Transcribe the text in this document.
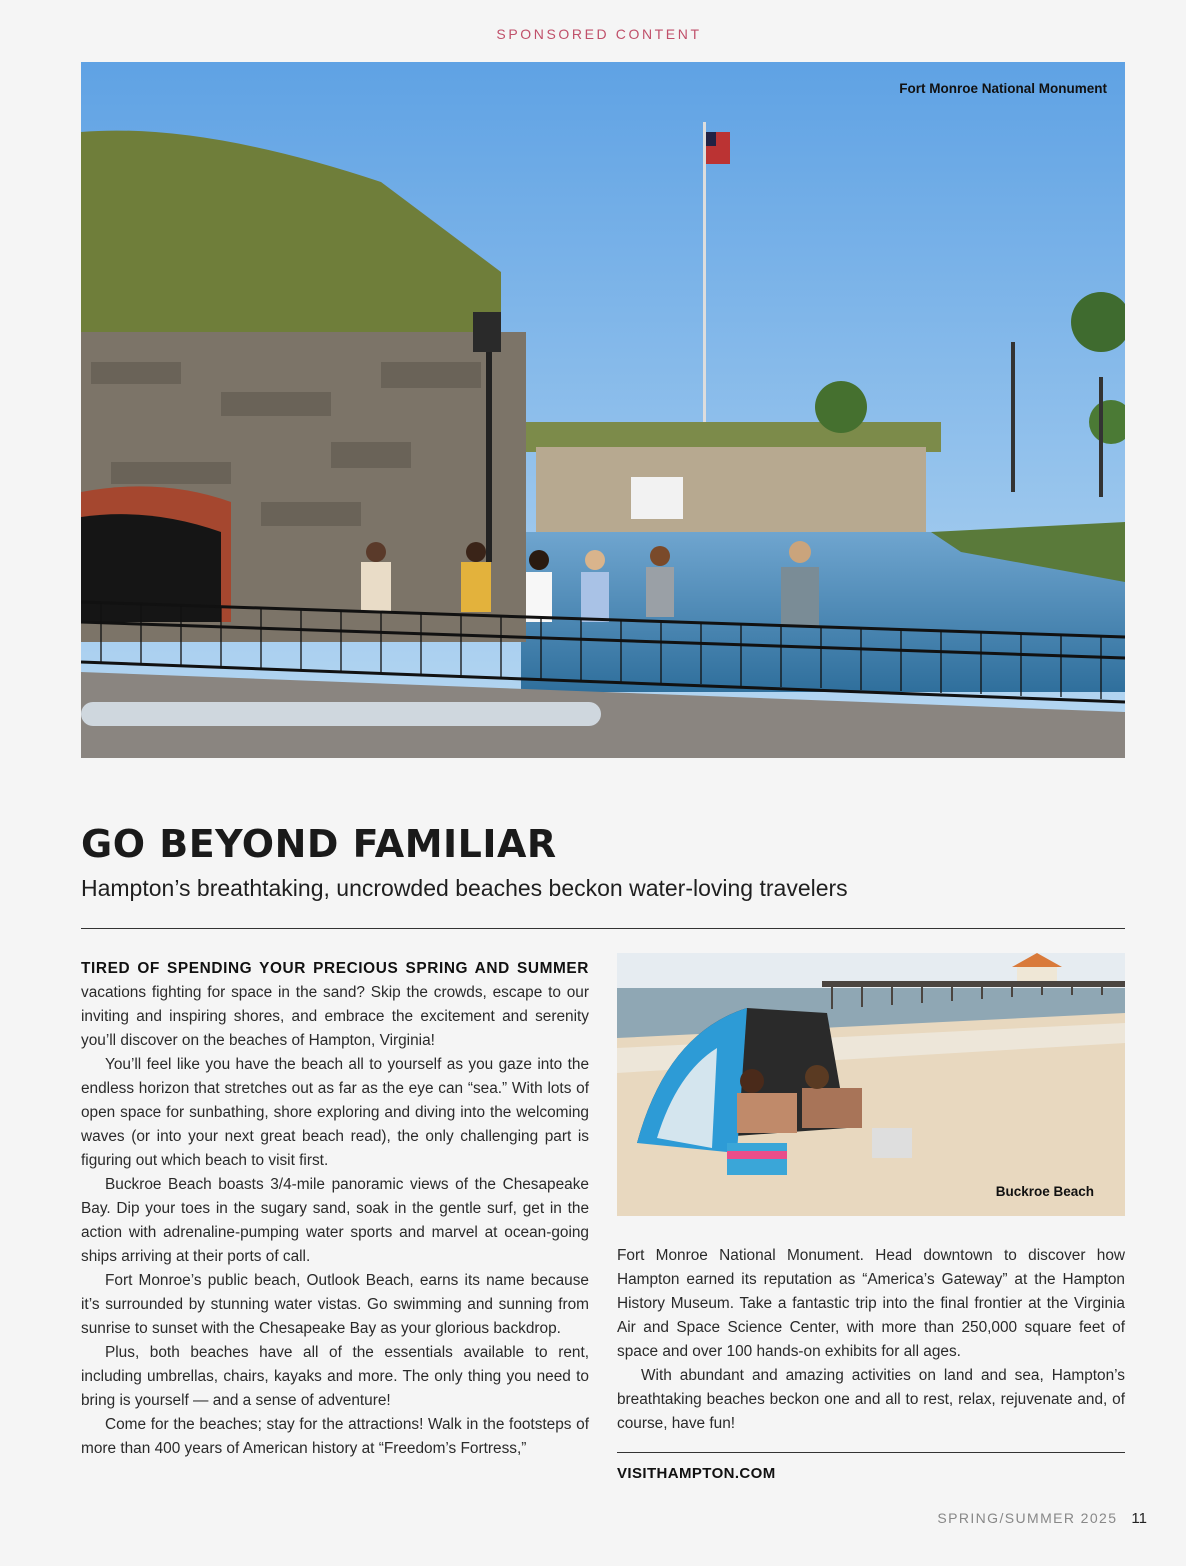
SPONSORED CONTENT
Fort Monroe National Monument
GO BEYOND FAMILIAR
Hampton’s breathtaking, uncrowded beaches beckon water-loving travelers

TIRED OF SPENDING YOUR PRECIOUS SPRING AND SUMMER vacations fighting for space in the sand? Skip the crowds, escape to our inviting and inspiring shores, and embrace the excitement and serenity you’ll discover on the beaches of Hampton, Virginia!

You’ll feel like you have the beach all to yourself as you gaze into the endless horizon that stretches out as far as the eye can “sea.” With lots of open space for sunbathing, shore exploring and diving into the welcoming waves (or into your next great beach read), the only challenging part is figuring out which beach to visit first.

Buckroe Beach boasts 3/4-mile panoramic views of the Chesapeake Bay. Dip your toes in the sugary sand, soak in the gentle surf, get in the action with adrenaline-pumping water sports and marvel at ocean-going ships arriving at their ports of call.

Fort Monroe’s public beach, Outlook Beach, earns its name because it’s surrounded by stunning water vistas. Go swimming and sunning from sunrise to sunset with the Chesapeake Bay as your glorious backdrop.

Plus, both beaches have all of the essentials available to rent, including umbrellas, chairs, kayaks and more. The only thing you need to bring is yourself — and a sense of adventure!

Come for the beaches; stay for the attractions! Walk in the footsteps of more than 400 years of American history at “Freedom’s Fortress,”

Buckroe Beach

Fort Monroe National Monument. Head downtown to discover how Hampton earned its reputation as “America’s Gateway” at the Hampton History Museum. Take a fantastic trip into the final frontier at the Virginia Air and Space Science Center, with more than 250,000 square feet of space and over 100 hands-on exhibits for all ages.

With abundant and amazing activities on land and sea, Hampton’s breathtaking beaches beckon one and all to rest, relax, rejuvenate and, of course, have fun!

VISITHAMPTON.COM
SPRING/SUMMER 2025 11
